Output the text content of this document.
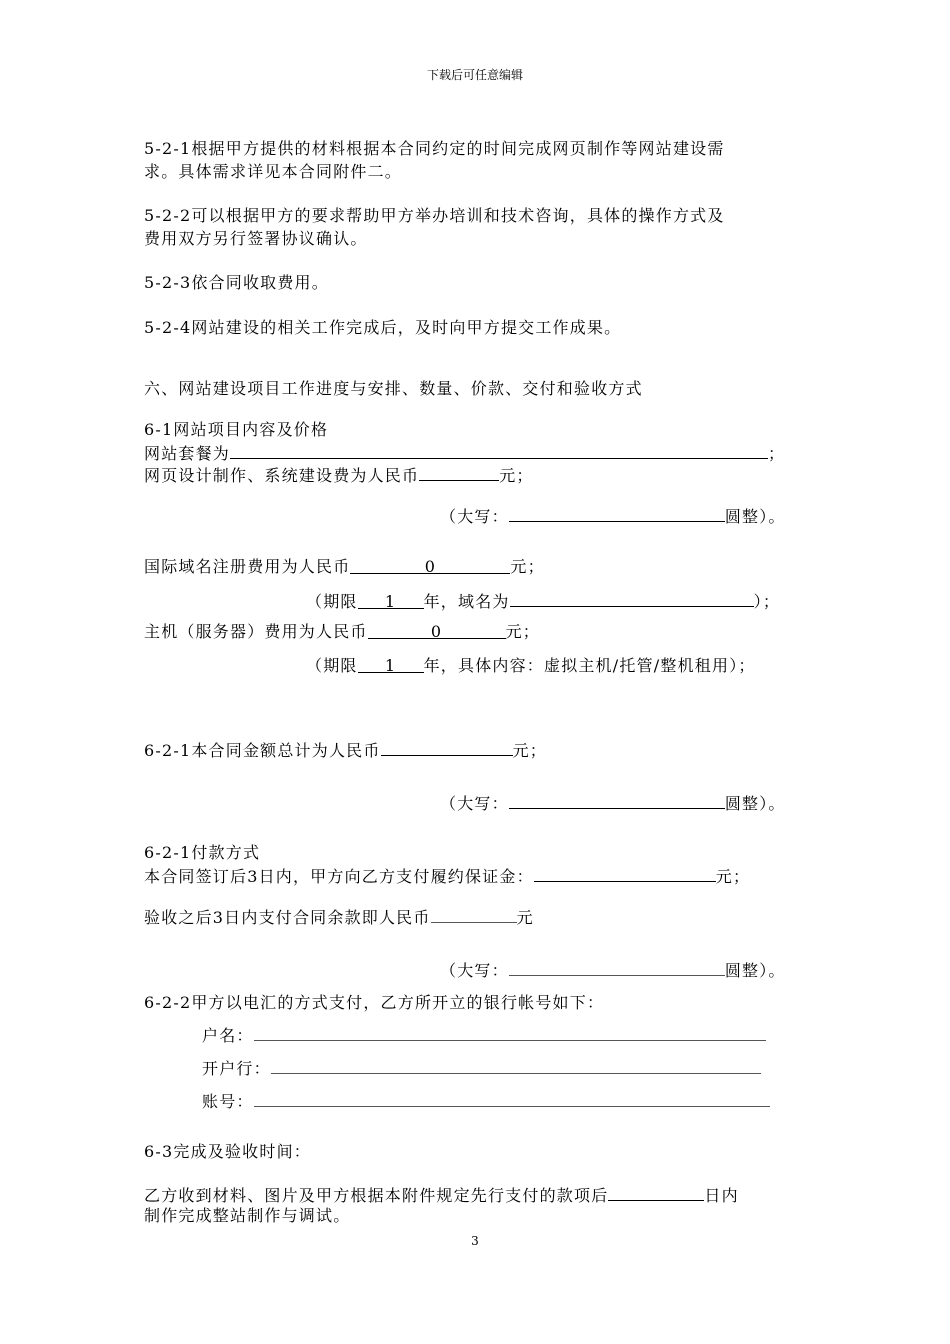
下载后可任意编辑
5-2-1根据甲方提供的材料根据本合同约定的时间完成网页制作等网站建设需
求。具体需求详见本合同附件二。
5-2-2可以根据甲方的要求帮助甲方举办培训和技术咨询，具体的操作方式及
费用双方另行签署协议确认。
5-2-3依合同收取费用。
5-2-4网站建设的相关工作完成后，及时向甲方提交工作成果。
六、网站建设项目工作进度与安排、数量、价款、交付和验收方式
6-1网站项目内容及价格
网站套餐为	；
网页设计制作、系统建设费为人民币	元；
（大写：	圆整）。
国际域名注册费用为人民币	0	元；
（期限 1 年，域名为	）；
主机（服务器）费用为人民币	0	元；
（期限 1 年，具体内容：虚拟主机/托管/整机租用）；
6-2-1本合同金额总计为人民币	元；
（大写：	圆整）。
6-2-1付款方式
本合同签订后3日内，甲方向乙方支付履约保证金：	元；
验收之后3日内支付合同余款即人民币	元
（大写：	圆整）。
6-2-2甲方以电汇的方式支付，乙方所开立的银行帐号如下：
户名：
开户行：
账号：
6-3完成及验收时间：
乙方收到材料、图片及甲方根据本附件规定先行支付的款项后	日内
制作完成整站制作与调试。
3
